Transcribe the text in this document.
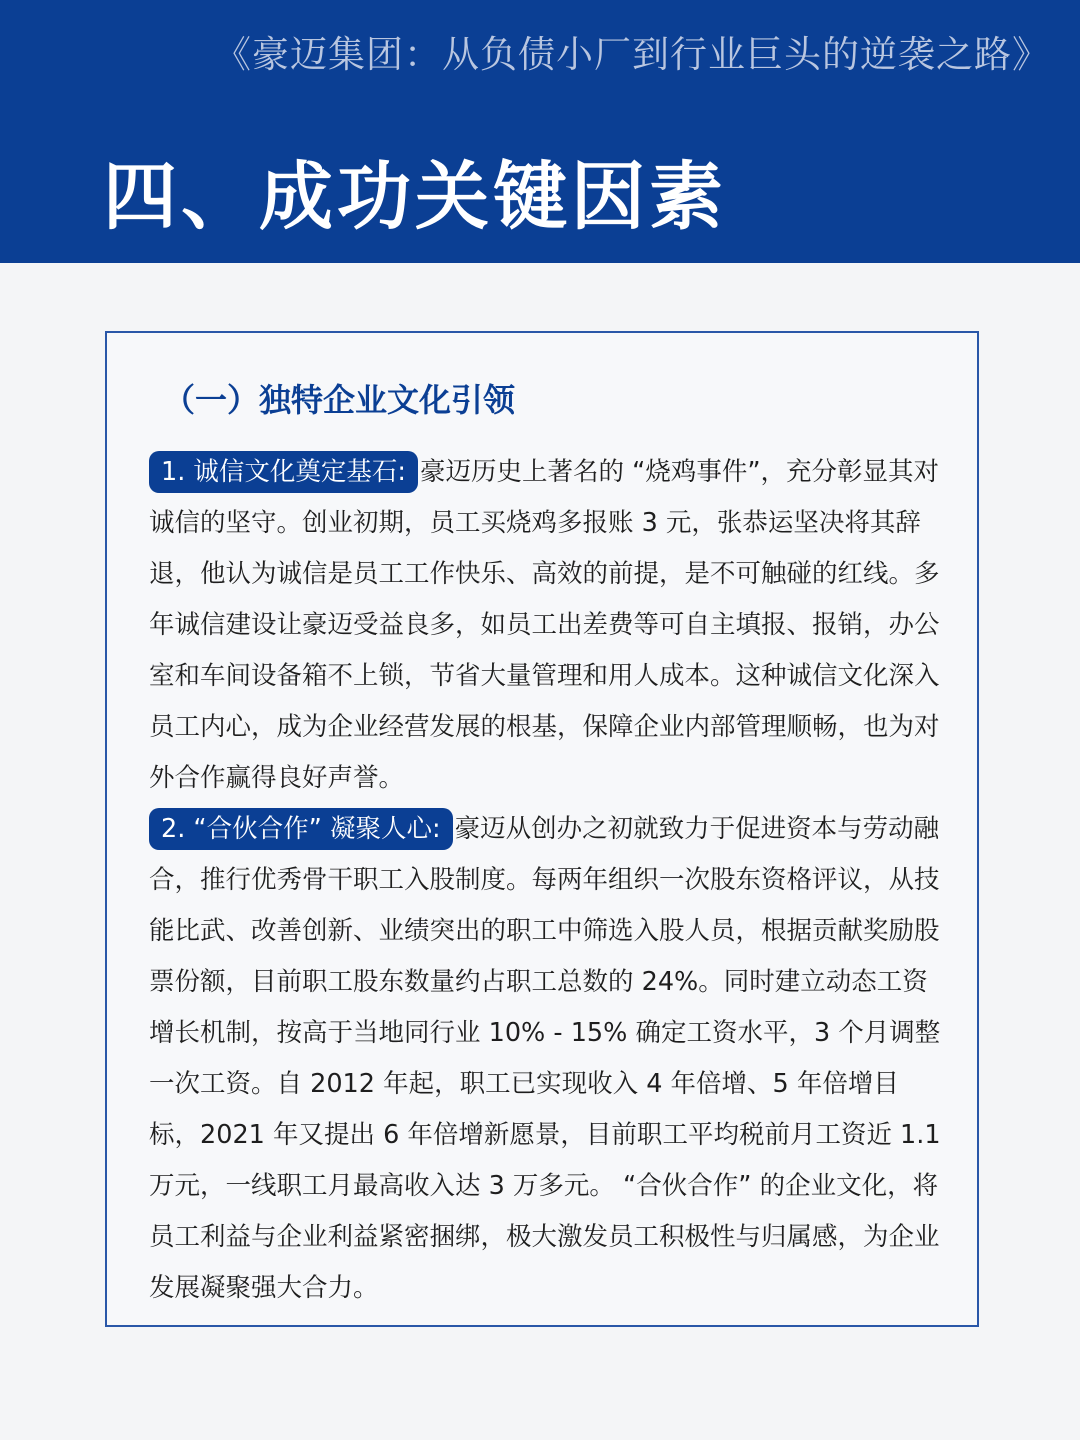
《豪迈集团：从负债小厂到行业巨头的逆袭之路》
四、成功关键因素
（一）独特企业文化引领

1. 诚信文化奠定基石: 豪迈历史上著名的 “烧鸡事件”，充分彰显其对诚信的坚守。创业初期，员工买烧鸡多报账 3 元，张恭运坚决将其辞退，他认为诚信是员工工作快乐、高效的前提，是不可触碰的红线。多年诚信建设让豪迈受益良多，如员工出差费等可自主填报、报销，办公室和车间设备箱不上锁，节省大量管理和用人成本。这种诚信文化深入员工内心，成为企业经营发展的根基，保障企业内部管理顺畅，也为对外合作赢得良好声誉。

2. “合伙合作” 凝聚人心: 豪迈从创办之初就致力于促进资本与劳动融合，推行优秀骨干职工入股制度。每两年组织一次股东资格评议，从技能比武、改善创新、业绩突出的职工中筛选入股人员，根据贡献奖励股票份额，目前职工股东数量约占职工总数的 24%。同时建立动态工资增长机制，按高于当地同行业 10% - 15% 确定工资水平，3 个月调整一次工资。自 2012 年起，职工已实现收入 4 年倍增、5 年倍增目标，2021 年又提出 6 年倍增新愿景，目前职工平均税前月工资近 1.1 万元，一线职工月最高收入达 3 万多元。 “合伙合作” 的企业文化，将员工利益与企业利益紧密捆绑，极大激发员工积极性与归属感，为企业发展凝聚强大合力。
